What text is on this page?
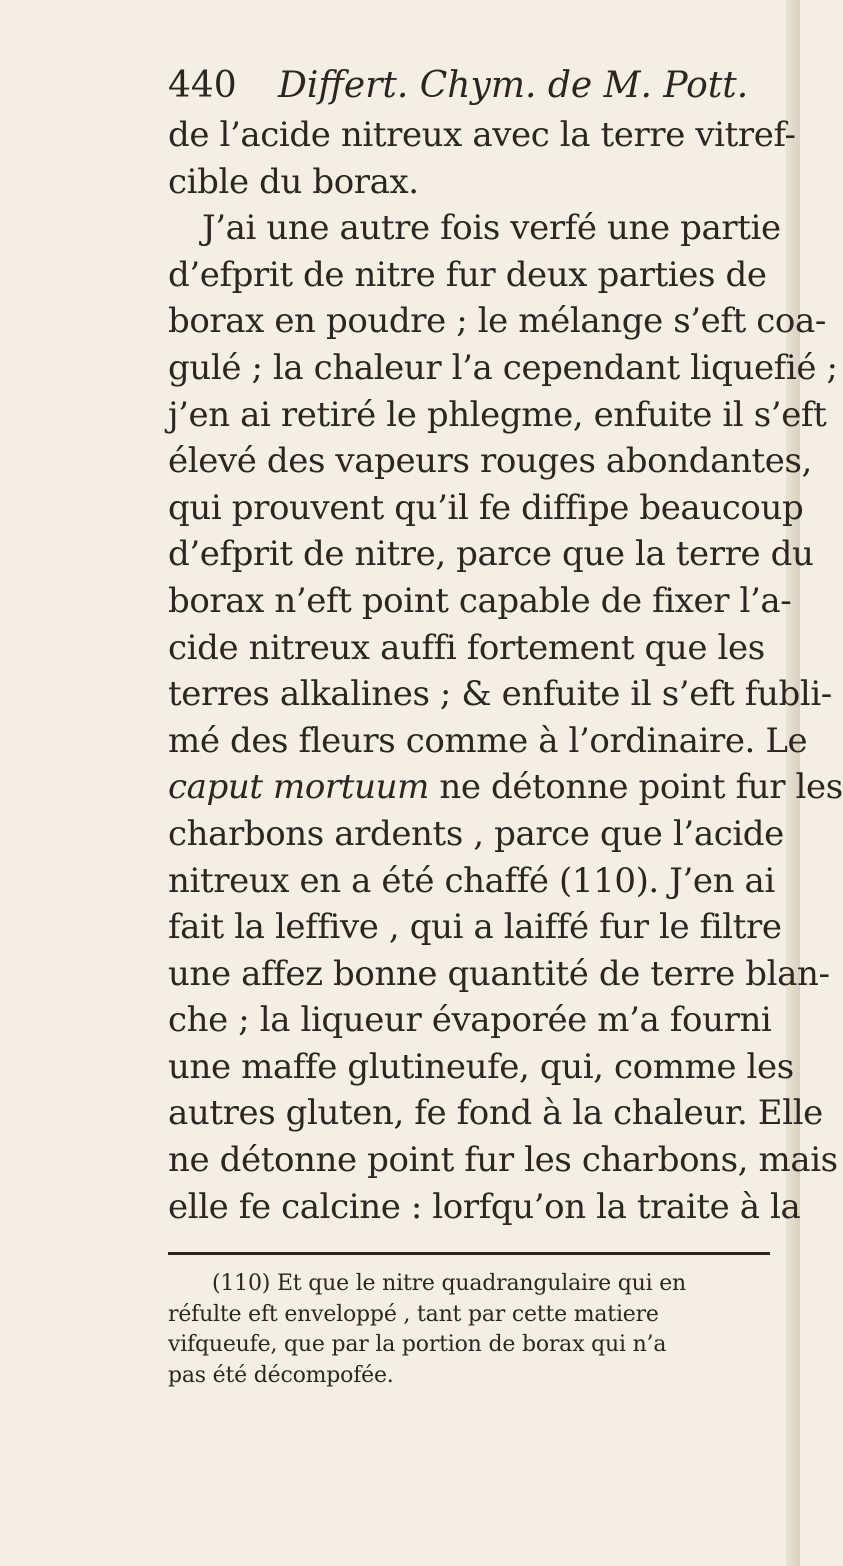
440	Differt. Chym. de M. Pott.
de l’acide nitreux avec la terre vitref-
cible du borax.
J’ai une autre fois verfé une partie
d’efprit de nitre fur deux parties de
borax en poudre ; le mélange s’eft coa-
gulé ; la chaleur l’a cependant liquefié ;
j’en ai retiré le phlegme, enfuite il s’eft
élevé des vapeurs rouges abondantes,
qui prouvent qu’il fe diffipe beaucoup
d’efprit de nitre, parce que la terre du
borax n’eft point capable de fixer l’a-
cide nitreux auffi fortement que les
terres alkalines ; & enfuite il s’eft fubli-
mé des fleurs comme à l’ordinaire. Le
caput mortuum ne détonne point fur les
charbons ardents , parce que l’acide
nitreux en a été chaffé (110). J’en ai
fait la leffive , qui a laiffé fur le filtre
une affez bonne quantité de terre blan-
che ; la liqueur évaporée m’a fourni
une maffe glutineufe, qui, comme les
autres gluten, fe fond à la chaleur. Elle
ne détonne point fur les charbons, mais
elle fe calcine : lorfqu’on la traite à la
(110) Et que le nitre quadrangulaire qui en
réfulte eft enveloppé , tant par cette matiere
vifqueufe, que par la portion de borax qui n’a
pas été décompofée.
